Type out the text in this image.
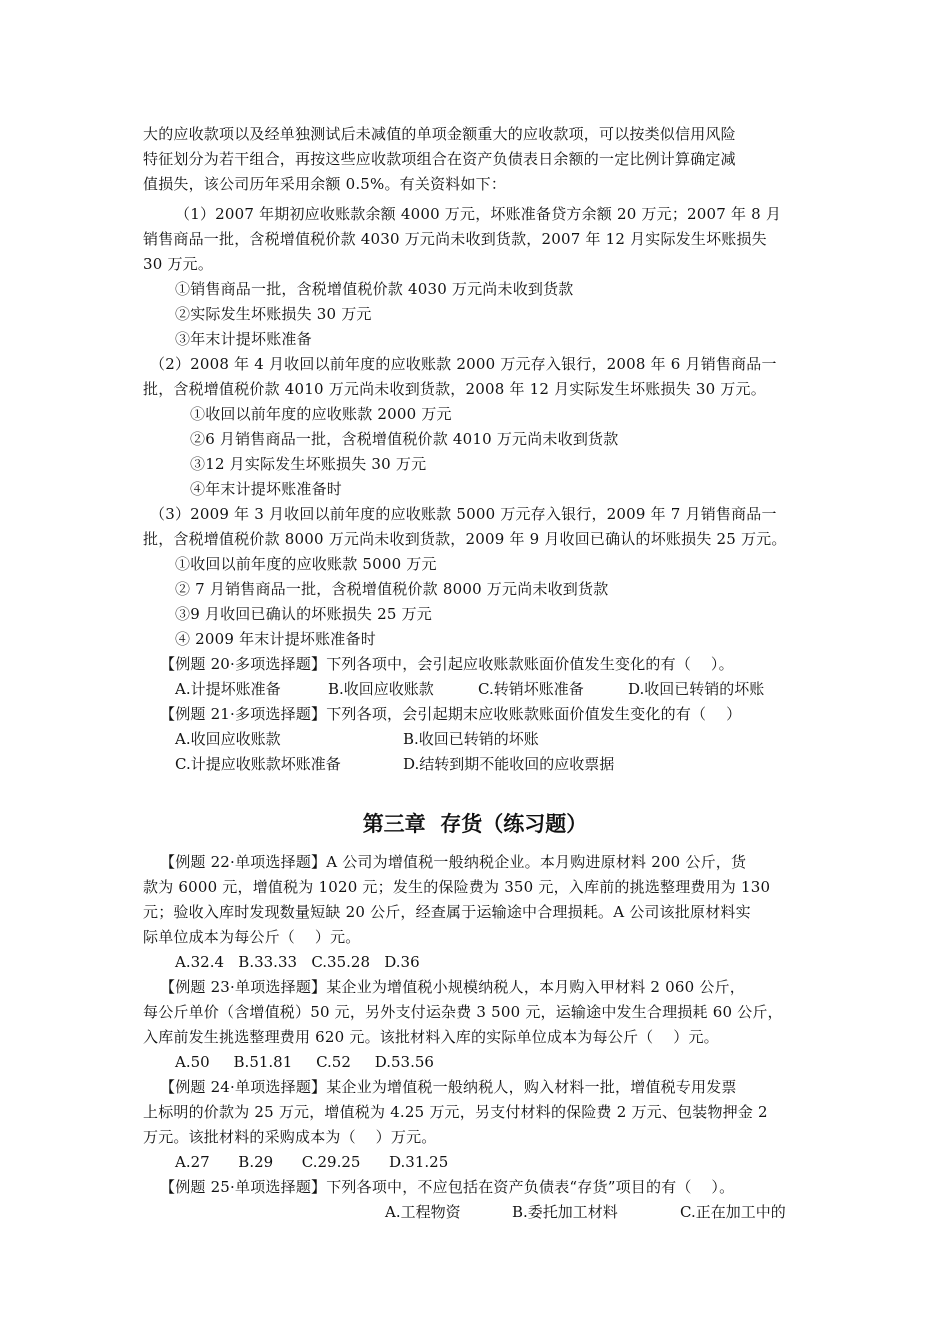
大的应收款项以及经单独测试后未减值的单项金额重大的应收款项，可以按类似信用风险
特征划分为若干组合，再按这些应收款项组合在资产负债表日余额的一定比例计算确定减
值损失，该公司历年采用余额 0.5%。有关资料如下：
（1）2007 年期初应收账款余额 4000 万元，坏账准备贷方余额 20 万元；2007 年 8 月
销售商品一批，含税增值税价款 4030 万元尚未收到货款，2007 年 12 月实际发生坏账损失
30 万元。
①销售商品一批，含税增值税价款 4030 万元尚未收到货款
②实际发生坏账损失 30 万元
③年末计提坏账准备
（2）2008 年 4 月收回以前年度的应收账款 2000 万元存入银行，2008 年 6 月销售商品一
批，含税增值税价款 4010 万元尚未收到货款，2008 年 12 月实际发生坏账损失 30 万元。
①收回以前年度的应收账款 2000 万元
②6 月销售商品一批，含税增值税价款 4010 万元尚未收到货款
③12 月实际发生坏账损失 30 万元
④年末计提坏账准备时
（3）2009 年 3 月收回以前年度的应收账款 5000 万元存入银行，2009 年 7 月销售商品一
批，含税增值税价款 8000 万元尚未收到货款，2009 年 9 月收回已确认的坏账损失 25 万元。
①收回以前年度的应收账款 5000 万元
② 7 月销售商品一批，含税增值税价款 8000 万元尚未收到货款
③9 月收回已确认的坏账损失 25 万元
④ 2009 年末计提坏账准备时
【例题 20·多项选择题】下列各项中，会引起应收账款账面价值发生变化的有（    ）。
A.计提坏账准备	B.收回应收账款	C.转销坏账准备	D.收回已转销的坏账
【例题 21·多项选择题】下列各项，会引起期末应收账款账面价值发生变化的有（    ）
A.收回应收账款	B.收回已转销的坏账
C.计提应收账款坏账准备	D.结转到期不能收回的应收票据
第三章  存货（练习题）
【例题 22·单项选择题】A 公司为增值税一般纳税企业。本月购进原材料 200 公斤，货
款为 6000 元，增值税为 1020 元；发生的保险费为 350 元，入库前的挑选整理费用为 130
元；验收入库时发现数量短缺 20 公斤，经查属于运输途中合理损耗。A 公司该批原材料实
际单位成本为每公斤（    ）元。
A.32.4   B.33.33   C.35.28   D.36
【例题 23·单项选择题】某企业为增值税小规模纳税人，本月购入甲材料 2 060 公斤，
每公斤单价（含增值税）50 元，另外支付运杂费 3 500 元，运输途中发生合理损耗 60 公斤，
入库前发生挑选整理费用 620 元。该批材料入库的实际单位成本为每公斤（    ）元。
A.50     B.51.81     C.52     D.53.56
【例题 24·单项选择题】某企业为增值税一般纳税人，购入材料一批，增值税专用发票
上标明的价款为 25 万元，增值税为 4.25 万元，另支付材料的保险费 2 万元、包装物押金 2
万元。该批材料的采购成本为（    ）万元。
A.27      B.29      C.29.25      D.31.25
【例题 25·单项选择题】下列各项中，不应包括在资产负债表“存货”项目的有（    ）。
A.工程物资	B.委托加工材料	C.正在加工中的
